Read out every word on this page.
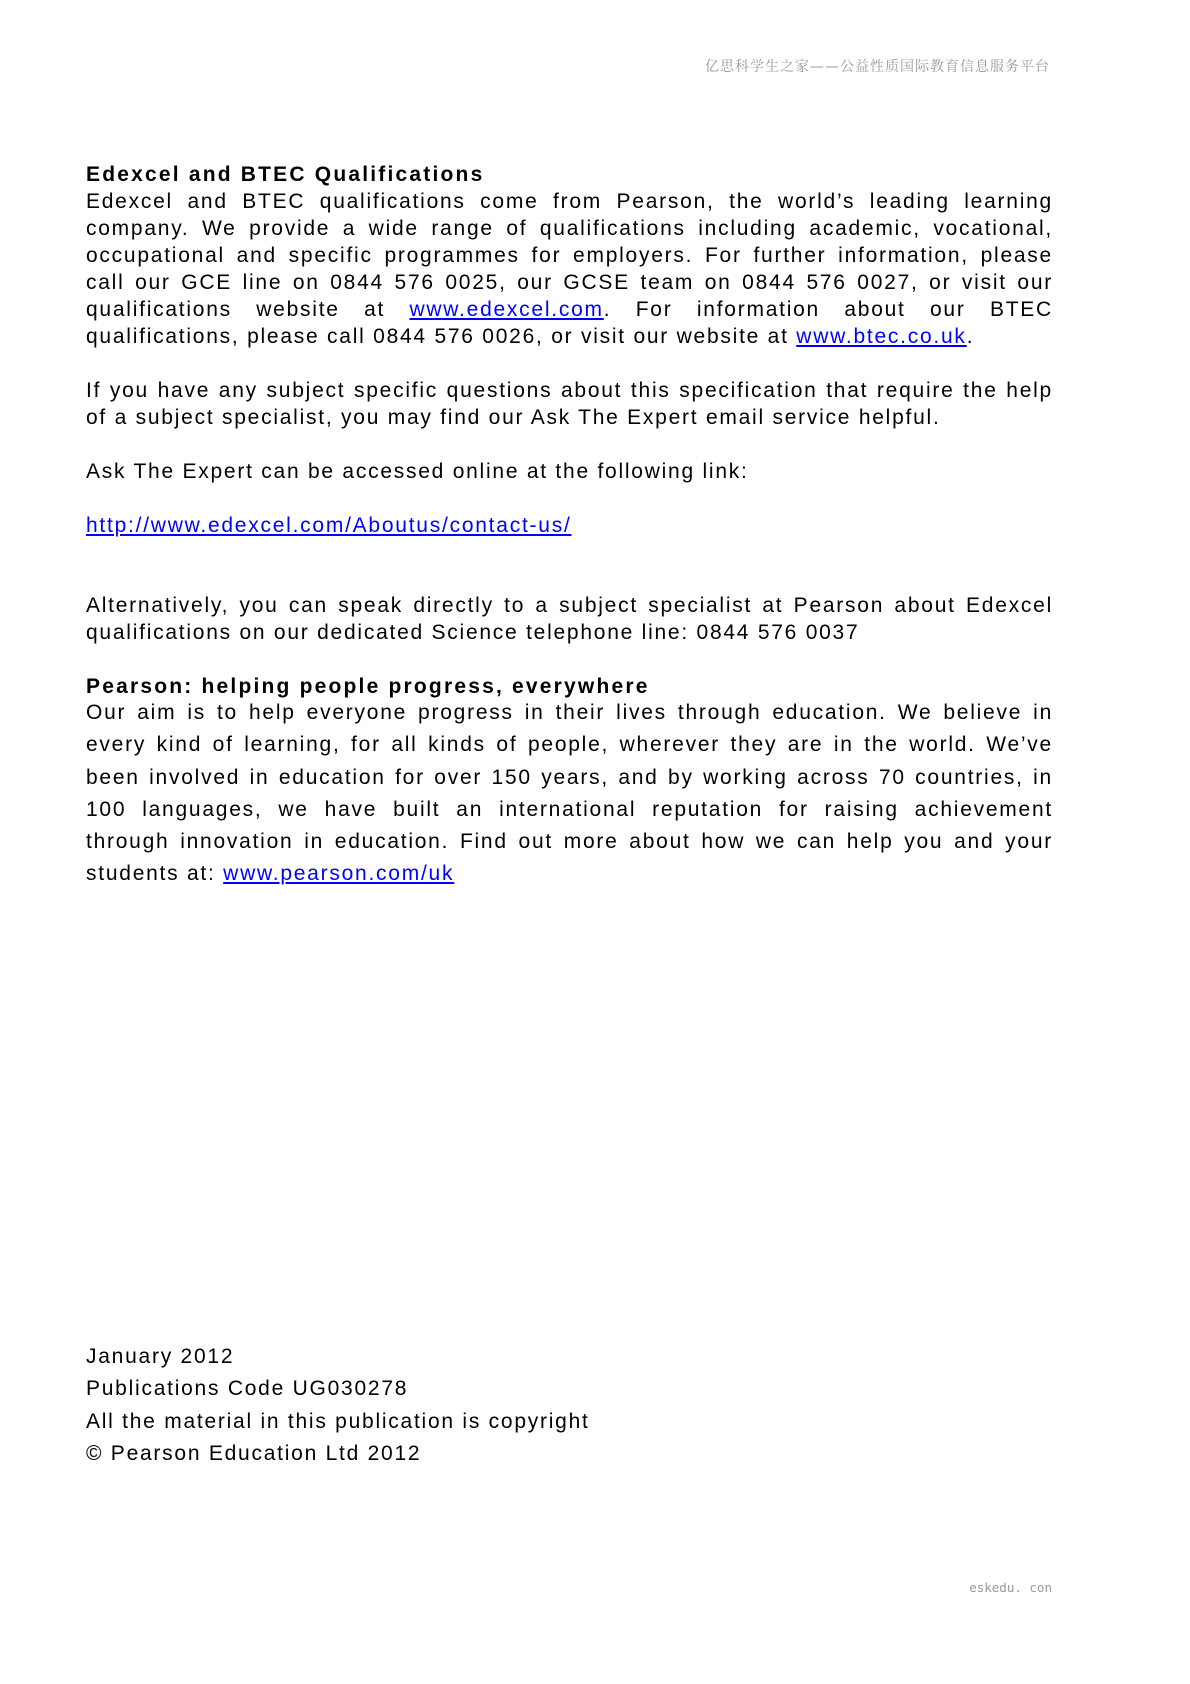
亿思科学生之家——公益性质国际教育信息服务平台
Edexcel and BTEC Qualifications
Edexcel and BTEC qualifications come from Pearson, the world’s leading learning
company. We provide a wide range of qualifications including academic, vocational,
occupational and specific programmes for employers. For further information, please
call our GCE line on 0844 576 0025, our GCSE team on 0844 576 0027, or visit our
qualifications website at www.edexcel.com. For information about our BTEC
qualifications, please call 0844 576 0026, or visit our website at www.btec.co.uk.
If you have any subject specific questions about this specification that require the help
of a subject specialist, you may find our Ask The Expert email service helpful.
Ask The Expert can be accessed online at the following link:
http://www.edexcel.com/Aboutus/contact-us/
Alternatively, you can speak directly to a subject specialist at Pearson about Edexcel
qualifications on our dedicated Science telephone line: 0844 576 0037
Pearson: helping people progress, everywhere
Our aim is to help everyone progress in their lives through education. We believe in
every kind of learning, for all kinds of people, wherever they are in the world. We’ve
been involved in education for over 150 years, and by working across 70 countries, in
100 languages, we have built an international reputation for raising achievement
through innovation in education. Find out more about how we can help you and your
students at: www.pearson.com/uk
January 2012
Publications Code UG030278
All the material in this publication is copyright
© Pearson Education Ltd 2012
eskedu. con
